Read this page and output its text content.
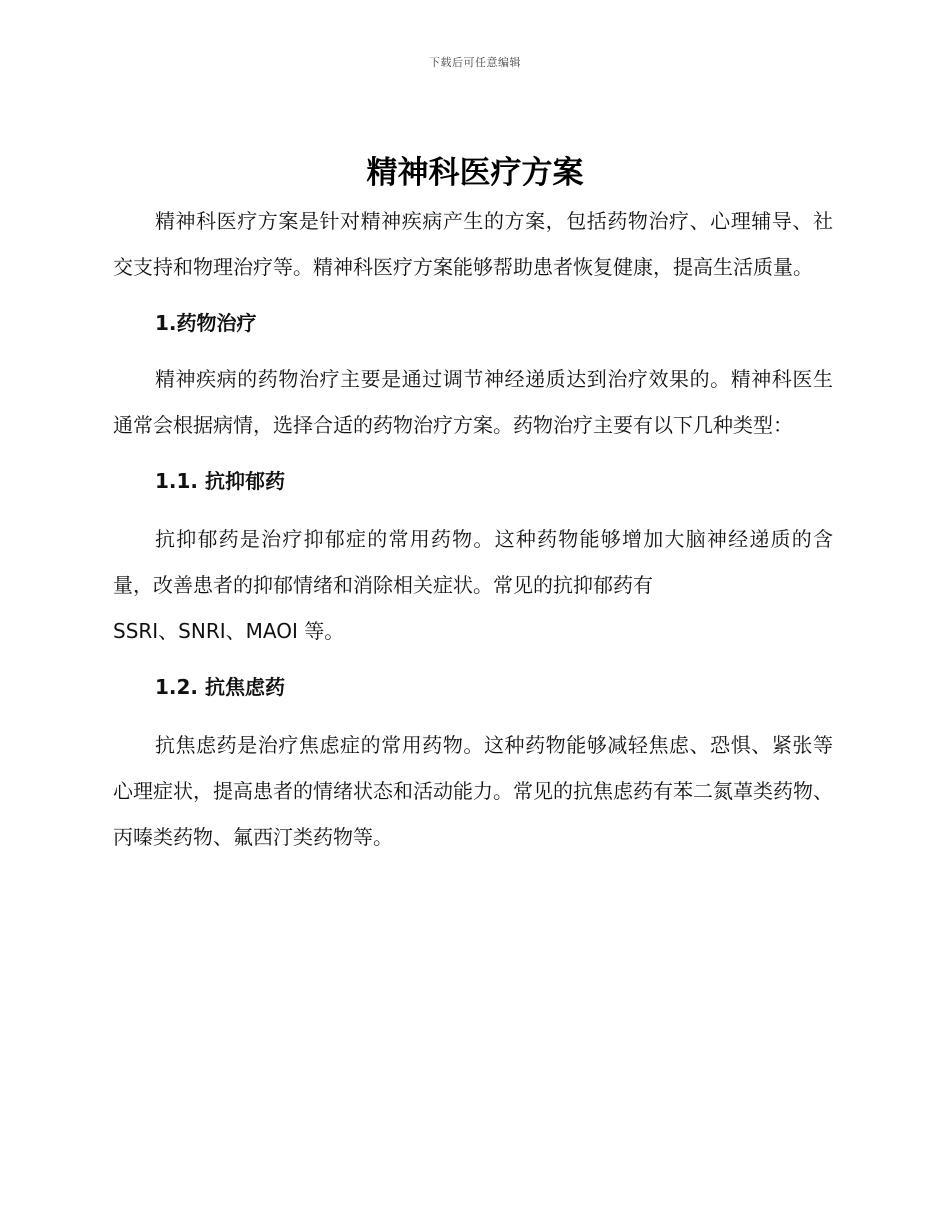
下载后可任意编辑
精神科医疗方案

精神科医疗方案是针对精神疾病产生的方案，包括药物治疗、心理辅导、社交支持和物理治疗等。精神科医疗方案能够帮助患者恢复健康，提高生活质量。

1.药物治疗

精神疾病的药物治疗主要是通过调节神经递质达到治疗效果的。精神科医生通常会根据病情，选择合适的药物治疗方案。药物治疗主要有以下几种类型：

1.1. 抗抑郁药

抗抑郁药是治疗抑郁症的常用药物。这种药物能够增加大脑神经递质的含量，改善患者的抑郁情绪和消除相关症状。常见的抗抑郁药有
SSRI、SNRI、MAOI 等。

1.2. 抗焦虑药

抗焦虑药是治疗焦虑症的常用药物。这种药物能够减轻焦虑、恐惧、紧张等心理症状，提高患者的情绪状态和活动能力。常见的抗焦虑药有苯二氮䓬类药物、丙嗪类药物、氟西汀类药物等。
